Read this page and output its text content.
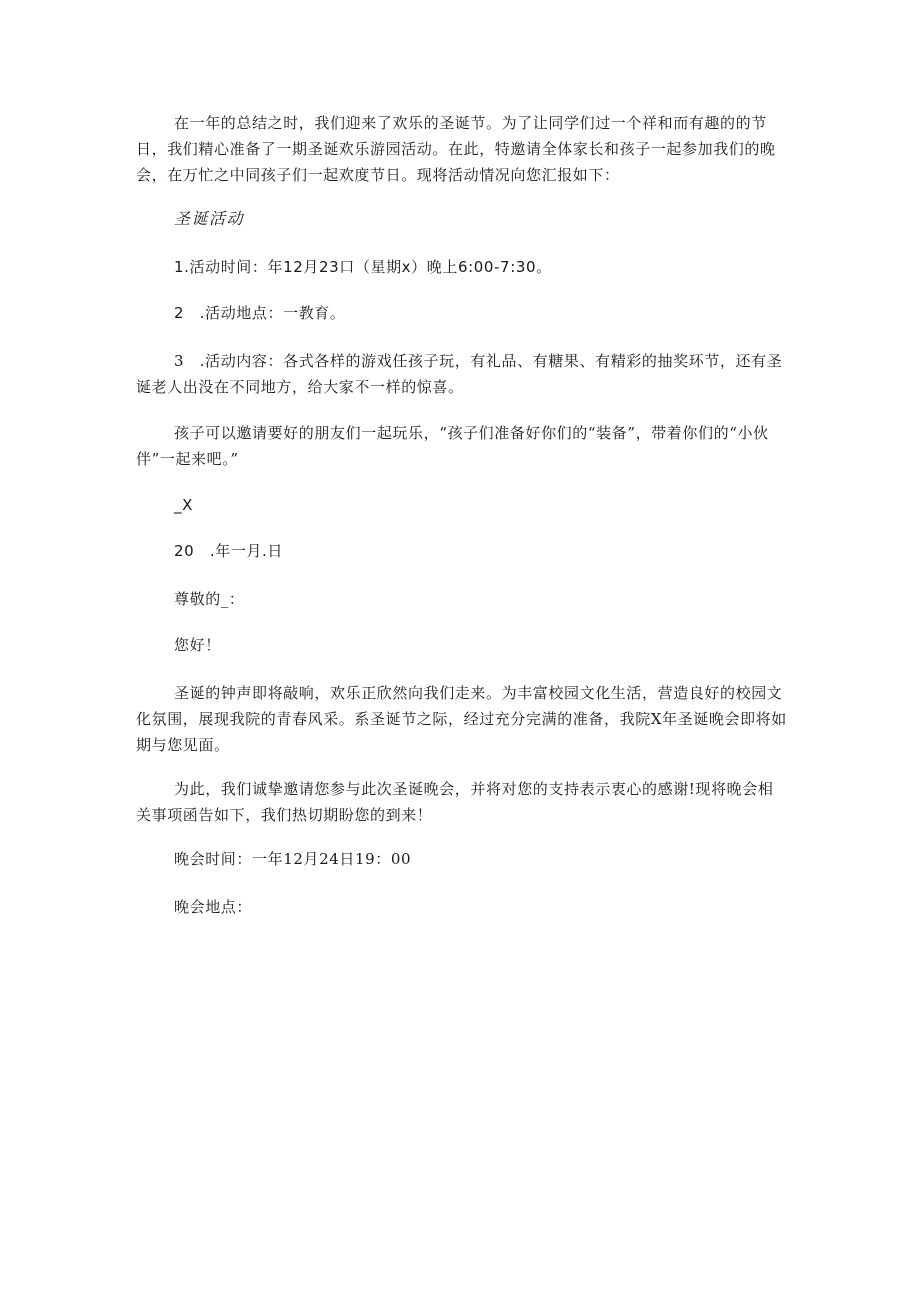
在一年的总结之时，我们迎来了欢乐的圣诞节。为了让同学们过一个祥和而有趣的的节日，我们精心准备了一期圣诞欢乐游园活动。在此，特邀请全体家长和孩子一起参加我们的晚会，在万忙之中同孩子们一起欢度节日。现将活动情况向您汇报如下：

圣诞活动

1.活动时间：年12月23口（星期x）晚上6:00-7:30。

2　.活动地点：一教育。

3　.活动内容：各式各样的游戏任孩子玩，有礼品、有糖果、有精彩的抽奖环节，还有圣诞老人出没在不同地方，给大家不一样的惊喜。

孩子可以邀请要好的朋友们一起玩乐，“孩子们准备好你们的“装备”，带着你们的“小伙伴”一起来吧。”

_X

20　.年一月.日

尊敬的_：

您好！

圣诞的钟声即将敲响，欢乐正欣然向我们走来。为丰富校园文化生活，营造良好的校园文化氛围，展现我院的青春风采。系圣诞节之际，经过充分完满的准备，我院X年圣诞晚会即将如期与您见面。

为此，我们诚挚邀请您参与此次圣诞晚会，并将对您的支持表示衷心的感谢!现将晚会相关事项函告如下，我们热切期盼您的到来！

晚会时间：一年12月24日19：00

晚会地点：
